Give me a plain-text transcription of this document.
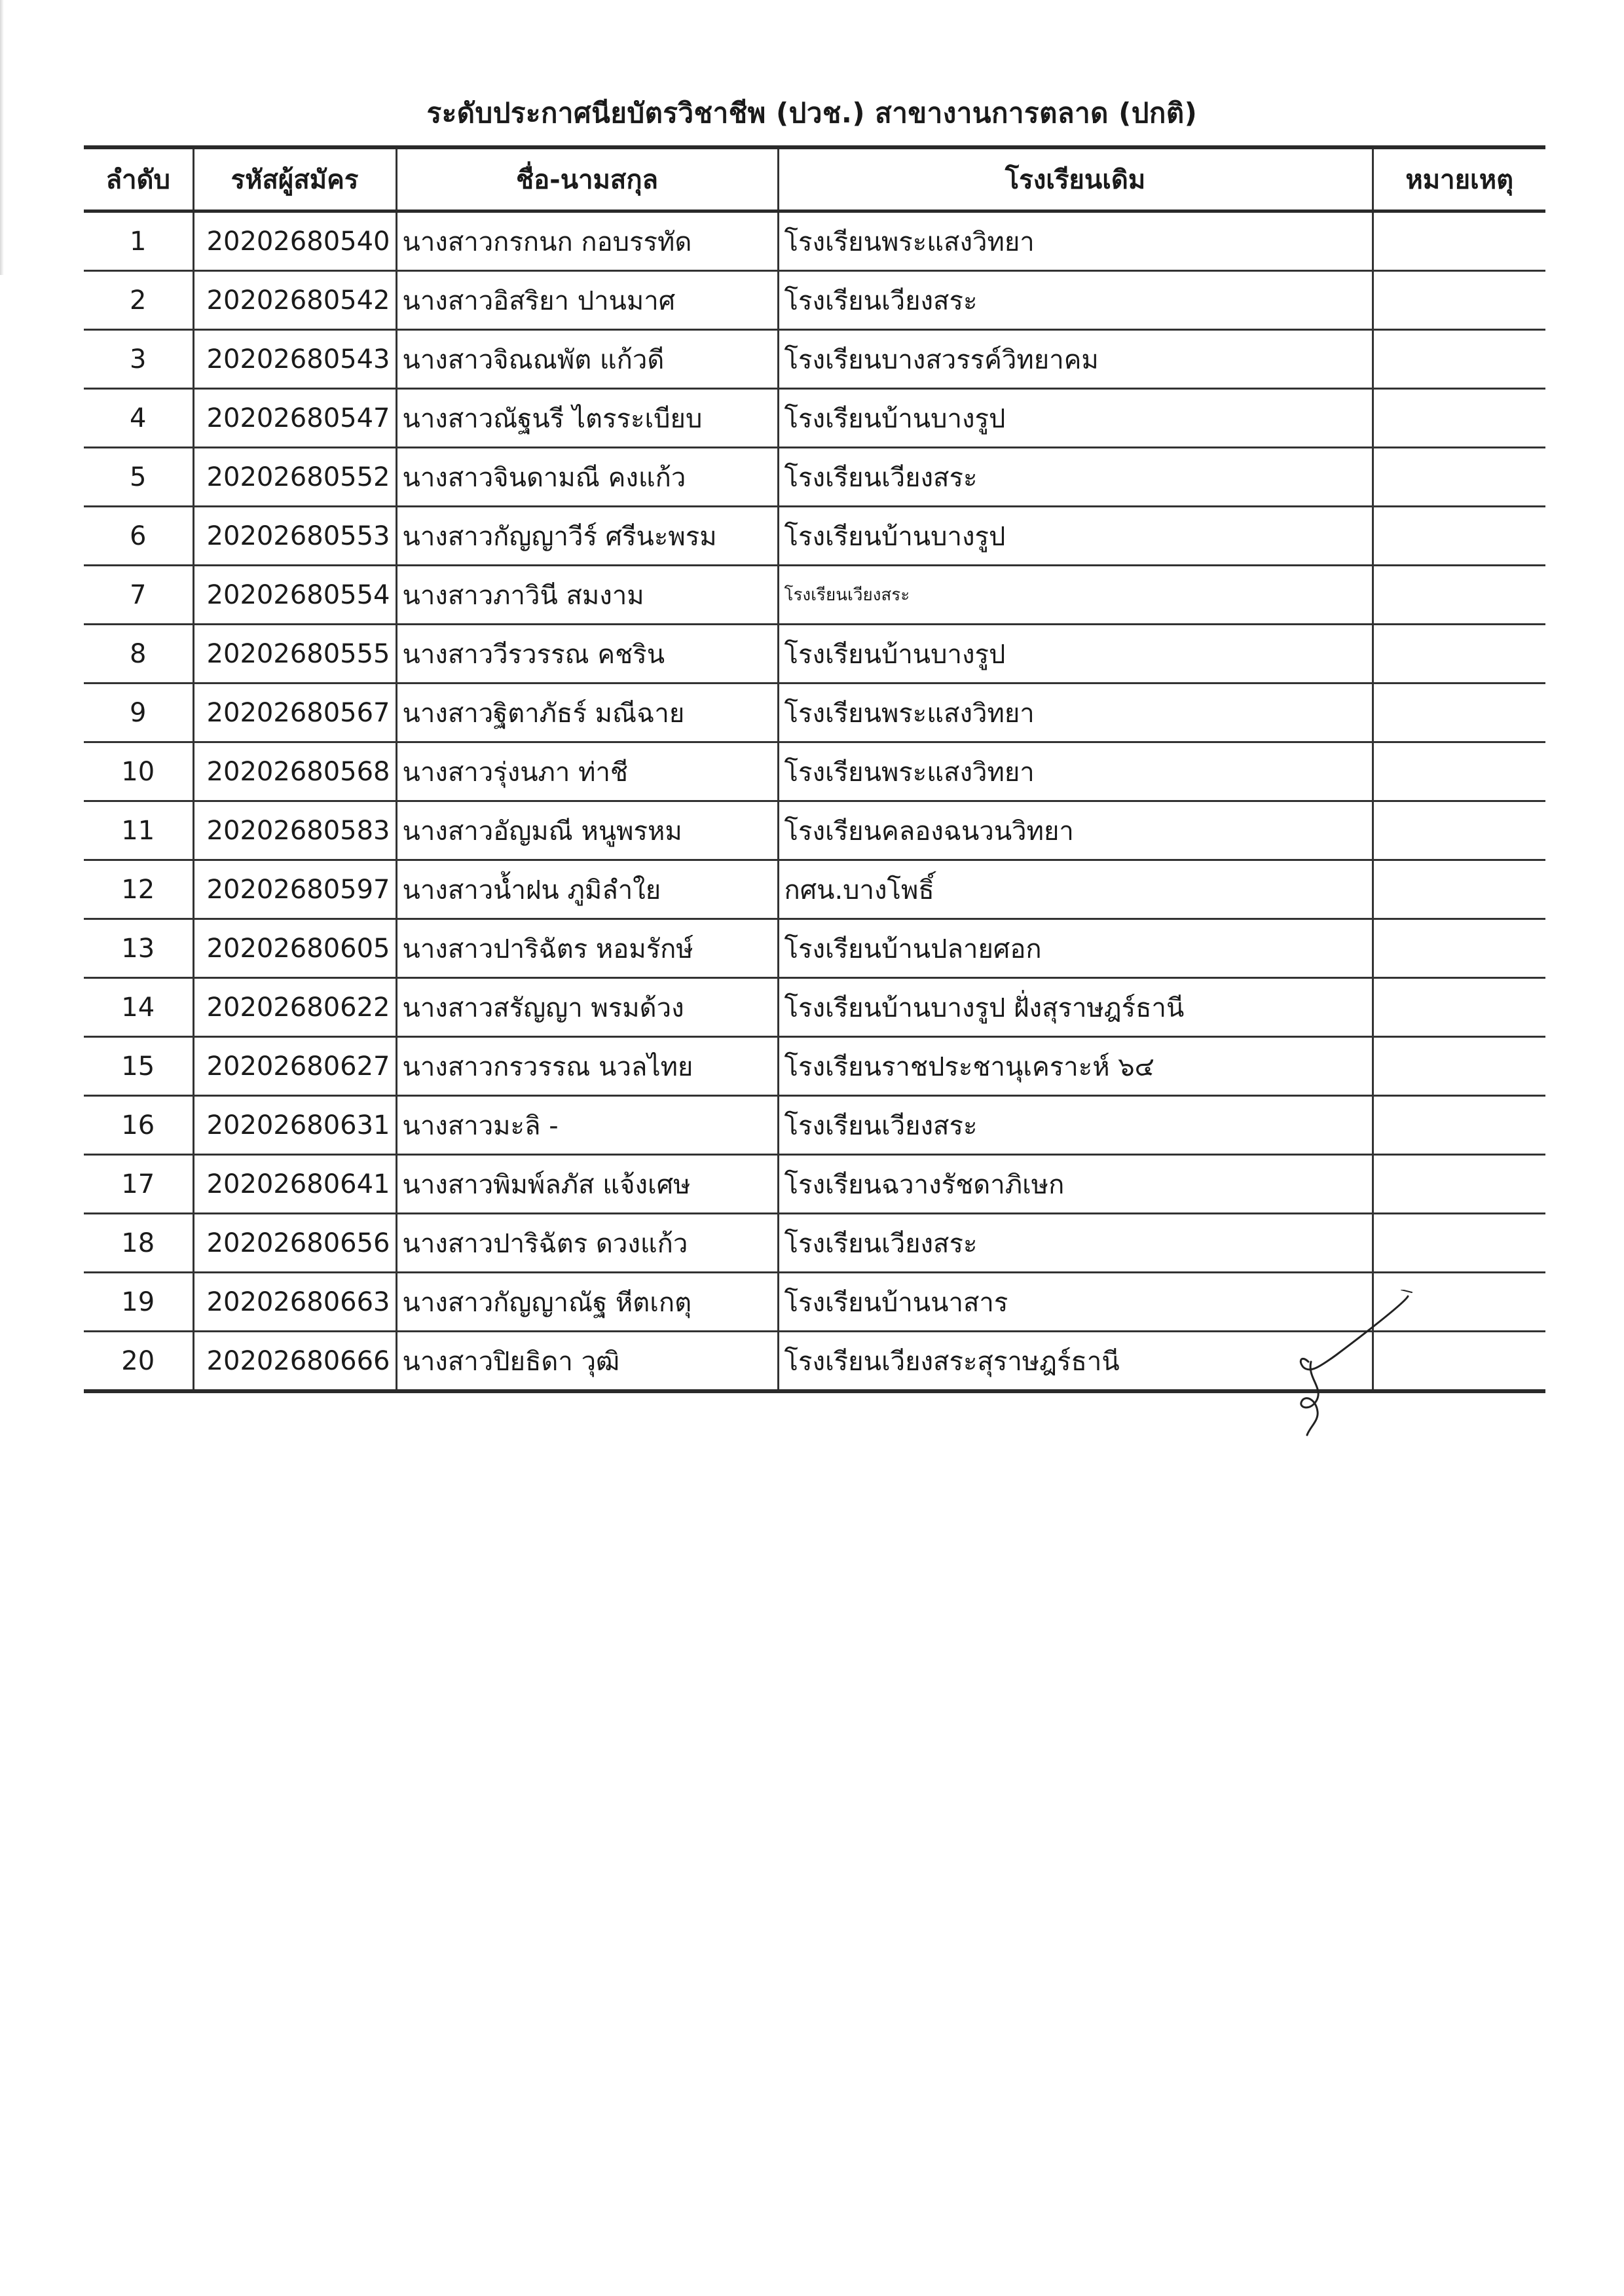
ระดับประกาศนียบัตรวิชาชีพ (ปวช.) สาขางานการตลาด (ปกติ)
ลำดับ	รหัสผู้สมัคร	ชื่อ-นามสกุล	โรงเรียนเดิม	หมายเหตุ
1	20202680540	นางสาวกรกนก กอบรรทัด	โรงเรียนพระแสงวิทยา	
2	20202680542	นางสาวอิสริยา ปานมาศ	โรงเรียนเวียงสระ	
3	20202680543	นางสาวจิณณพัต แก้วดี	โรงเรียนบางสวรรค์วิทยาคม	
4	20202680547	นางสาวณัฐนรี ไตรระเบียบ	โรงเรียนบ้านบางรูป	
5	20202680552	นางสาวจินดามณี คงแก้ว	โรงเรียนเวียงสระ	
6	20202680553	นางสาวกัญญาวีร์ ศรีนะพรม	โรงเรียนบ้านบางรูป	
7	20202680554	นางสาวภาวินี สมงาม	โรงเรียนเวียงสระ	
8	20202680555	นางสาววีรวรรณ คชริน	โรงเรียนบ้านบางรูป	
9	20202680567	นางสาวฐิตาภัธร์ มณีฉาย	โรงเรียนพระแสงวิทยา	
10	20202680568	นางสาวรุ่งนภา ท่าชี	โรงเรียนพระแสงวิทยา	
11	20202680583	นางสาวอัญมณี หนูพรหม	โรงเรียนคลองฉนวนวิทยา	
12	20202680597	นางสาวน้ำฝน ภูมิลำใย	กศน.บางโพธิ์	
13	20202680605	นางสาวปาริฉัตร หอมรักษ์	โรงเรียนบ้านปลายศอก	
14	20202680622	นางสาวสรัญญา พรมด้วง	โรงเรียนบ้านบางรูป ฝั่งสุราษฎร์ธานี	
15	20202680627	นางสาวกรวรรณ นวลไทย	โรงเรียนราชประชานุเคราะห์ ๖๔	
16	20202680631	นางสาวมะลิ -	โรงเรียนเวียงสระ	
17	20202680641	นางสาวพิมพ์ลภัส แจ้งเศษ	โรงเรียนฉวางรัชดาภิเษก	
18	20202680656	นางสาวปาริฉัตร ดวงแก้ว	โรงเรียนเวียงสระ	
19	20202680663	นางสาวกัญญาณัฐ หีตเกตุ	โรงเรียนบ้านนาสาร	
20	20202680666	นางสาวปิยธิดา วุฒิ	โรงเรียนเวียงสระสุราษฎร์ธานี	
